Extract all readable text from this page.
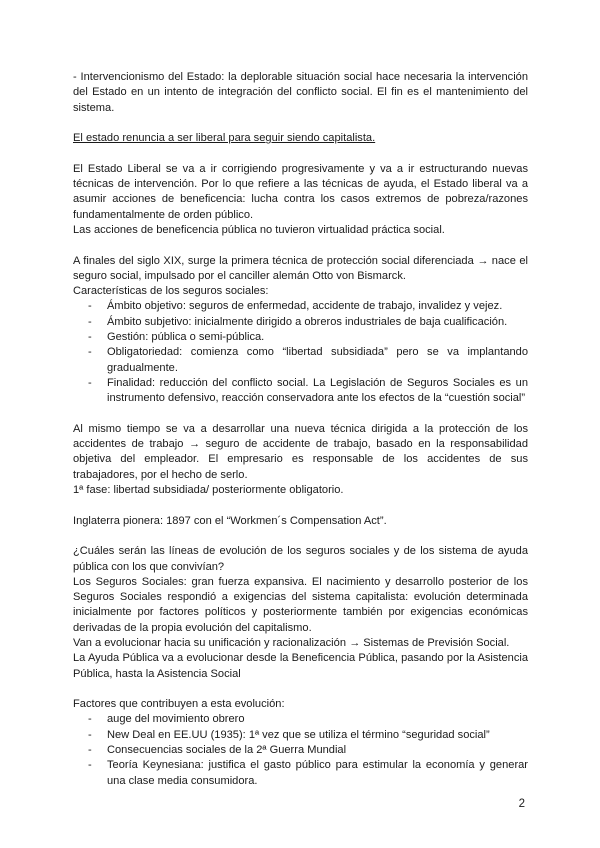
- Intervencionismo del Estado: la deplorable situación social hace necesaria la intervención del Estado en un intento de integración del conflicto social. El fin es el mantenimiento del sistema.

El estado renuncia a ser liberal para seguir siendo capitalista.

El Estado Liberal se va a ir corrigiendo progresivamente y va a ir estructurando nuevas técnicas de intervención. Por lo que refiere a las técnicas de ayuda, el Estado liberal va a asumir acciones de beneficencia: lucha contra los casos extremos de pobreza/razones fundamentalmente de orden público.

Las acciones de beneficencia pública no tuvieron virtualidad práctica social.

A finales del siglo XIX, surge la primera técnica de protección social diferenciada → nace el seguro social, impulsado por el canciller alemán Otto von Bismarck.

Características de los seguros sociales:

- Ámbito objetivo: seguros de enfermedad, accidente de trabajo, invalidez y vejez.
- Ámbito subjetivo: inicialmente dirigido a obreros industriales de baja cualificación.
- Gestión: pública o semi-pública.
- Obligatoriedad: comienza como “libertad subsidiada” pero se va implantando gradualmente.
- Finalidad: reducción del conflicto social. La Legislación de Seguros Sociales es un instrumento defensivo, reacción conservadora ante los efectos de la “cuestión social”

Al mismo tiempo se va a desarrollar una nueva técnica dirigida a la protección de los accidentes de trabajo → seguro de accidente de trabajo, basado en la responsabilidad objetiva del empleador. El empresario es responsable de los accidentes de sus trabajadores, por el hecho de serlo.

1ª fase: libertad subsidiada/ posteriormente obligatorio.

Inglaterra pionera: 1897 con el “Workmen´s Compensation Act”.

¿Cuáles serán las líneas de evolución de los seguros sociales y de los sistema de ayuda pública con los que convivían?

Los Seguros Sociales: gran fuerza expansiva. El nacimiento y desarrollo posterior de los Seguros Sociales respondió a exigencias del sistema capitalista: evolución determinada inicialmente por factores políticos y posteriormente también por exigencias económicas derivadas de la propia evolución del capitalismo.

Van a evolucionar hacia su unificación y racionalización → Sistemas de Previsión Social.

La Ayuda Pública va a evolucionar desde la Beneficencia Pública, pasando por la Asistencia Pública, hasta la Asistencia Social

Factores que contribuyen a esta evolución:

- auge del movimiento obrero
- New Deal en EE.UU (1935): 1ª vez que se utiliza el término “seguridad social”
- Consecuencias sociales de la 2ª Guerra Mundial
- Teoría Keynesiana: justifica el gasto público para estimular la economía y generar una clase media consumidora.
2
